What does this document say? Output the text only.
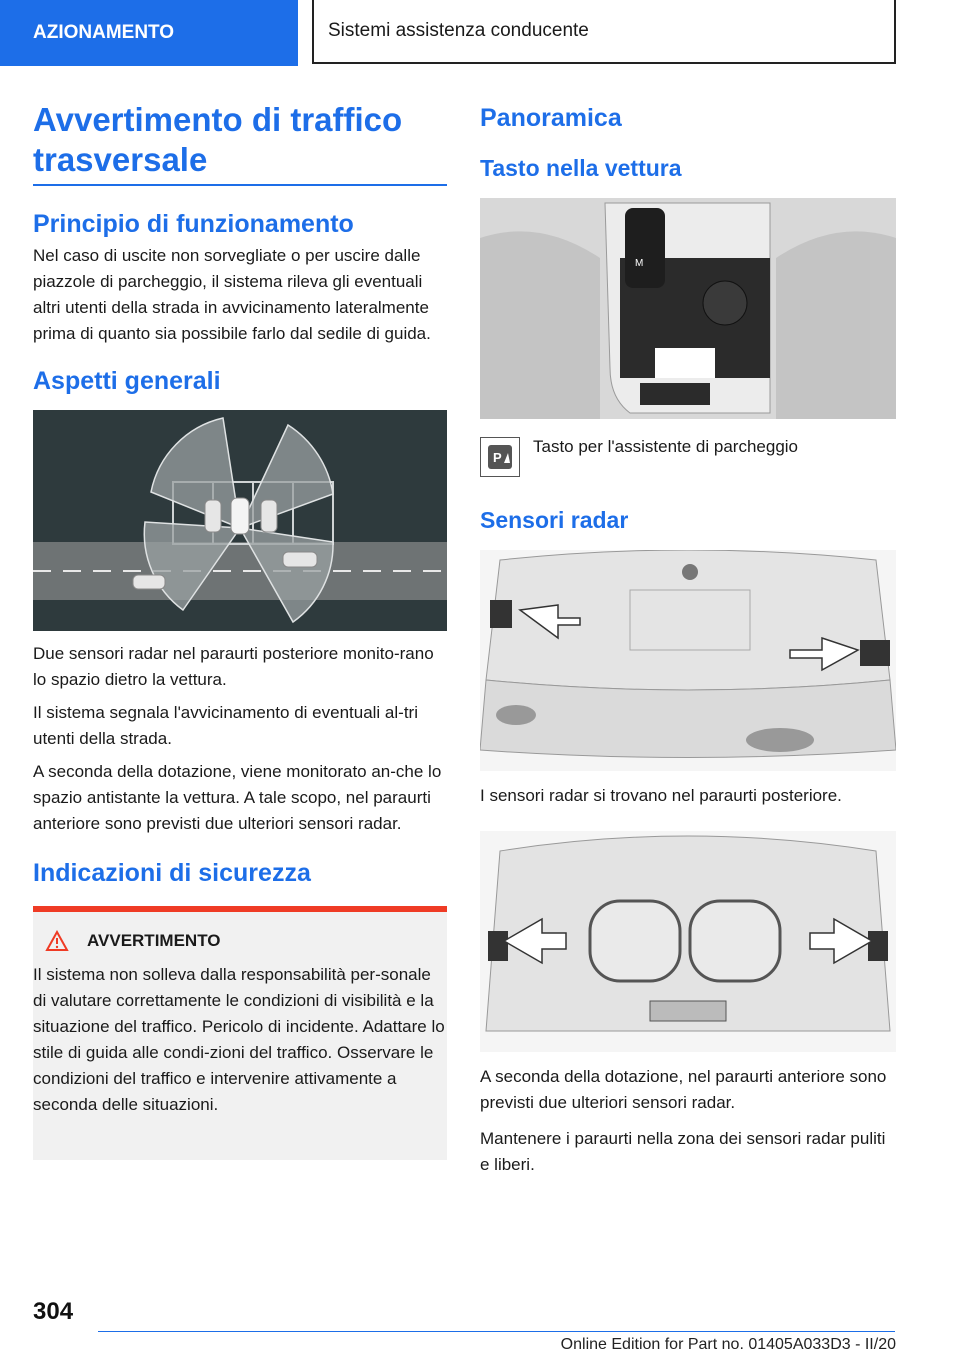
AZIONAMENTO	Sistemi assistenza conducente
Avvertimento di traffico trasversale
Principio di funzionamento

Nel caso di uscite non sorvegliate o per uscire dalle piazzole di parcheggio, il sistema rileva gli eventuali altri utenti della strada in avvicinamento lateralmente prima di quanto sia possibile farlo dal sedile di guida.

Aspetti generali

Due sensori radar nel paraurti posteriore monito‐rano lo spazio dietro la vettura.

Il sistema segnala l'avvicinamento di eventuali al‐tri utenti della strada.

A seconda della dotazione, viene monitorato an‐che lo spazio antistante la vettura. A tale scopo, nel paraurti anteriore sono previsti due ulteriori sensori radar.

Indicazioni di sicurezza
AVVERTIMENTO

Il sistema non solleva dalla responsabilità per‐sonale di valutare correttamente le condizioni di visibilità e la situazione del traffico. Pericolo di incidente. Adattare lo stile di guida alle condi‐zioni del traffico. Osservare le condizioni del traffico e intervenire attivamente a seconda delle situazioni.

Panoramica
Tasto nella vettura
M
P

Tasto per l'assistente di parcheggio

Sensori radar

I sensori radar si trovano nel paraurti posteriore.

A seconda della dotazione, nel paraurti anteriore sono previsti due ulteriori sensori radar.

Mantenere i paraurti nella zona dei sensori radar puliti e liberi.

304
Online Edition for Part no. 01405A033D3 - II/20
